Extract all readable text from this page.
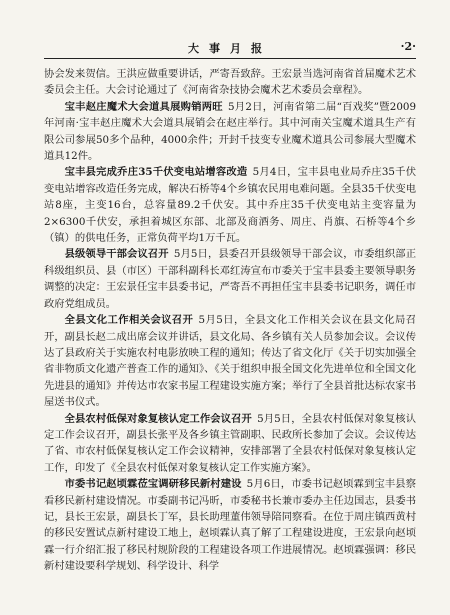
大事月报	·2·

协会发来贺信。王洪应做重要讲话，严寄吾致辞。王宏景当选河南省首届魔术艺术委员会主任。大会讨论通过了《河南省杂技协会魔术艺术委员会章程》。

宝丰赵庄魔术大会道具展购销两旺 5月2日，河南省第二届“百戏奖”暨2009年河南·宝丰赵庄魔术大会道具展销会在赵庄举行。其中河南关宝魔术道具生产有限公司参展50多个品种，4000余件；开封千技变专业魔术道具公司参展大型魔术道具12件。

宝丰县完成乔庄35千伏变电站增容改造 5月4日，宝丰县电业局乔庄35千伏变电站增容改造任务完成，解决石桥等4个乡镇农民用电难问题。全县35千伏变电站8座，主变16台，总容量89.2千伏安。其中乔庄35千伏变电站主变容量为2×6300千伏安，承担着城区东部、北部及商酒务、周庄、肖旗、石桥等4个乡（镇）的供电任务，正常负荷平均1万千瓦。

县级领导干部会议召开 5月5日，县委召开县级领导干部会议，市委组织部正科级组织员、县（市区）干部科副科长邓红涛宣布市委关于宝丰县委主要领导职务调整的决定：王宏景任宝丰县委书记，严寄吾不再担任宝丰县委书记职务，调任市政府党组成员。

全县文化工作相关会议召开 5月5日，全县文化工作相关会议在县文化局召开，副县长赵二成出席会议并讲话，县文化局、各乡镇有关人员参加会议。会议传达了县政府关于实施农村电影放映工程的通知；传达了省文化厅《关于切实加强全省非物质文化遗产普查工作的通知》、《关于组织申报全国文化先进单位和全国文化先进县的通知》并传达市农家书屋工程建设实施方案；举行了全县首批达标农家书屋送书仪式。

全县农村低保对象复核认定工作会议召开 5月5日，全县农村低保对象复核认定工作会议召开，副县长张平及各乡镇主管副职、民政所长参加了会议。会议传达了省、市农村低保复核认定工作会议精神，安排部署了全县农村低保对象复核认定工作，印发了《全县农村低保对象复核认定工作实施方案》。

市委书记赵顷霖莅宝调研移民新村建设 5月6日，市委书记赵顷霖到宝丰县察看移民新村建设情况。市委副书记冯昕，市委秘书长兼市委办主任边国志，县委书记，县长王宏景，副县长丁军，县长助理董伟领导陪同察看。在位于周庄镇西黄村的移民安置试点新村建设工地上，赵顷霖认真了解了工程建设进度，王宏景向赵顷霖一行介绍汇报了移民村规阶段的工程建设各项工作进展情况。赵顷霖强调：移民新村建设要科学规划、科学设计、科学
